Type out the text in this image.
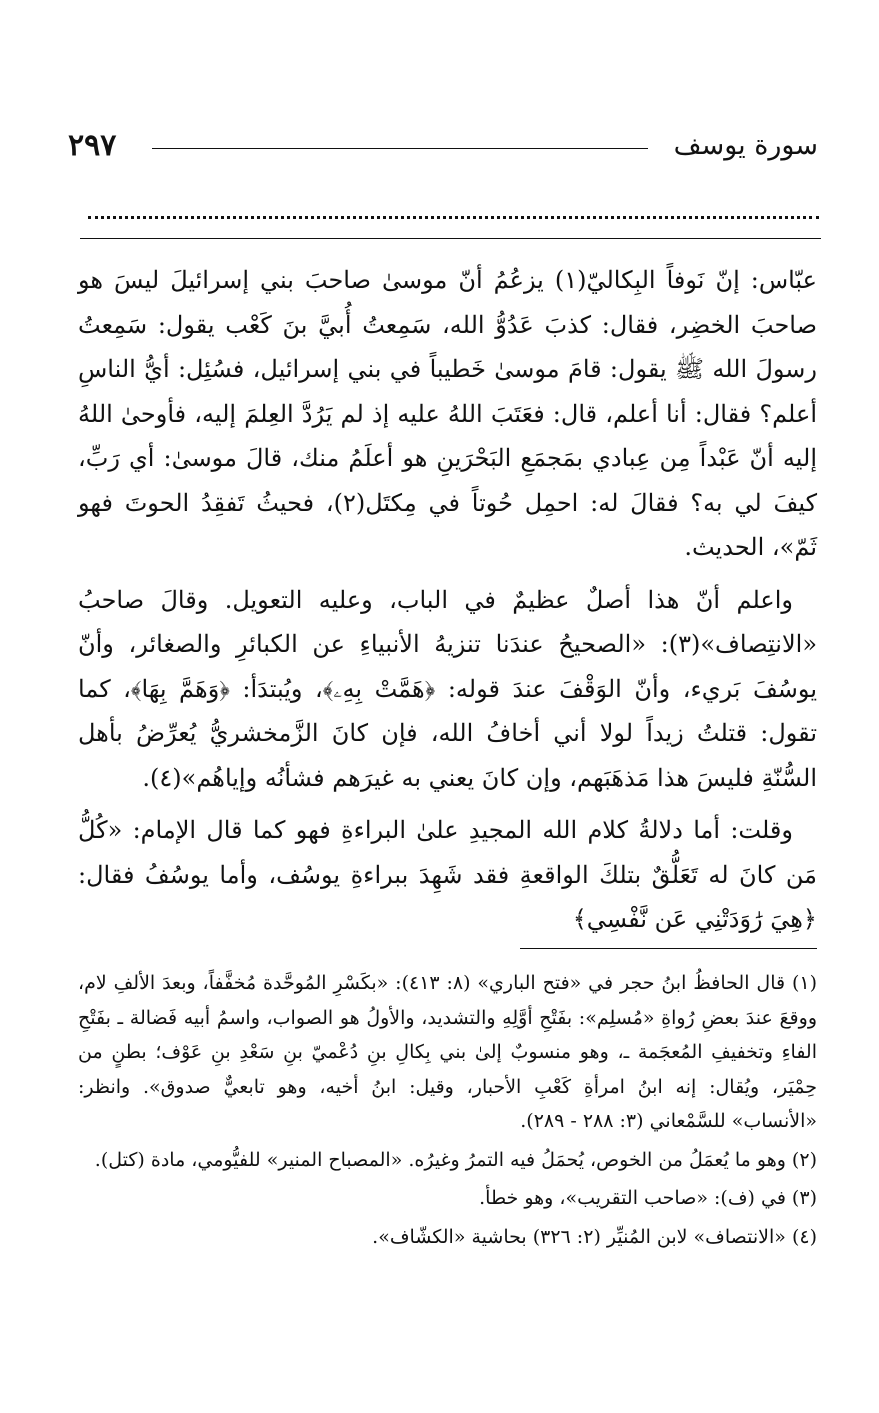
٢٩٧	سورة يوسف

عبّاس: إنّ نَوفاً البِكاليّ(١) يزعُمُ أنّ موسىٰ صاحبَ بني إسرائيلَ ليسَ هو صاحبَ الخضِر، فقال: كذبَ عَدُوُّ الله، سَمِعتُ أُبيَّ بنَ كَعْب يقول: سَمِعتُ رسولَ الله ﷺ يقول: قامَ موسىٰ خَطيباً في بني إسرائيل، فسُئِل: أيُّ الناسِ أعلم؟ فقال: أنا أعلم، قال: فعَتَبَ اللهُ عليه إذ لم يَرُدَّ العِلمَ إليه، فأوحىٰ اللهُ إليه أنّ عَبْداً مِن عِبادي بمَجمَعِ البَحْرَينِ هو أعلَمُ منك، قالَ موسىٰ: أي رَبِّ، كيفَ لي به؟ فقالَ له: احمِل حُوتاً في مِكتَل(٢)، فحيثُ تَفقِدُ الحوتَ فهو ثَمّ»، الحديث.

واعلم أنّ هذا أصلٌ عظيمٌ في الباب، وعليه التعويل. وقالَ صاحبُ «الانتِصاف»(٣): «الصحيحُ عندَنا تنزيهُ الأنبياءِ عن الكبائرِ والصغائر، وأنّ يوسُفَ بَريء، وأنّ الوَقْفَ عندَ قوله: ﴿هَمَّتْ بِهِۦ﴾، ويُبتدَأ: ﴿وَهَمَّ بِهَا﴾، كما تقول: قتلتُ زيداً لولا أني أخافُ الله، فإن كانَ الزَّمخشريُّ يُعرِّضُ بأهل السُّنّةِ فليسَ هذا مَذهَبَهم، وإن كانَ يعني به غيرَهم فشأنُه وإياهُم»(٤).

وقلت: أما دلالةُ كلام الله المجيدِ علىٰ البراءةِ فهو كما قال الإمام: «كُلُّ مَن كانَ له تَعَلُّقٌ بتلكَ الواقعةِ فقد شَهِدَ ببراءةِ يوسُف، وأما يوسُفُ فقال: ﴿هِيَ رَٰوَدَتْنِي عَن نَّفْسِي﴾

(١) قال الحافظُ ابنُ حجر في «فتح الباري» (٨: ٤١٣): «بكَسْرِ المُوحَّدة مُخفَّفاً، وبعدَ الألفِ لام، ووقعَ عندَ بعضِ رُواةِ «مُسلِم»: بفَتْحِ أوَّلِهِ والتشديد، والأولُ هو الصواب، واسمُ أبيه فَضالة ـ بفَتْحِ الفاءِ وتخفيفِ المُعجَمة ـ، وهو منسوبٌ إلىٰ بني بِكالِ بنِ دُعْميّ بنِ سَعْدِ بنِ عَوْف؛ بطنٍ من حِمْيَر، ويُقال: إنه ابنُ امرأةِ كَعْبِ الأحبار، وقيل: ابنُ أخيه، وهو تابعيٌّ صدوق». وانظر: «الأنساب» للسَّمْعاني (٣: ٢٨٨ - ٢٨٩).

(٢) وهو ما يُعمَلُ من الخوص، يُحمَلُ فيه التمرُ وغيرُه. «المصباح المنير» للفيُّومي، مادة (كتل).

(٣) في (ف): «صاحب التقريب»، وهو خطأ.

(٤) «الانتصاف» لابن المُنيِّر (٢: ٣٢٦) بحاشية «الكشّاف».
